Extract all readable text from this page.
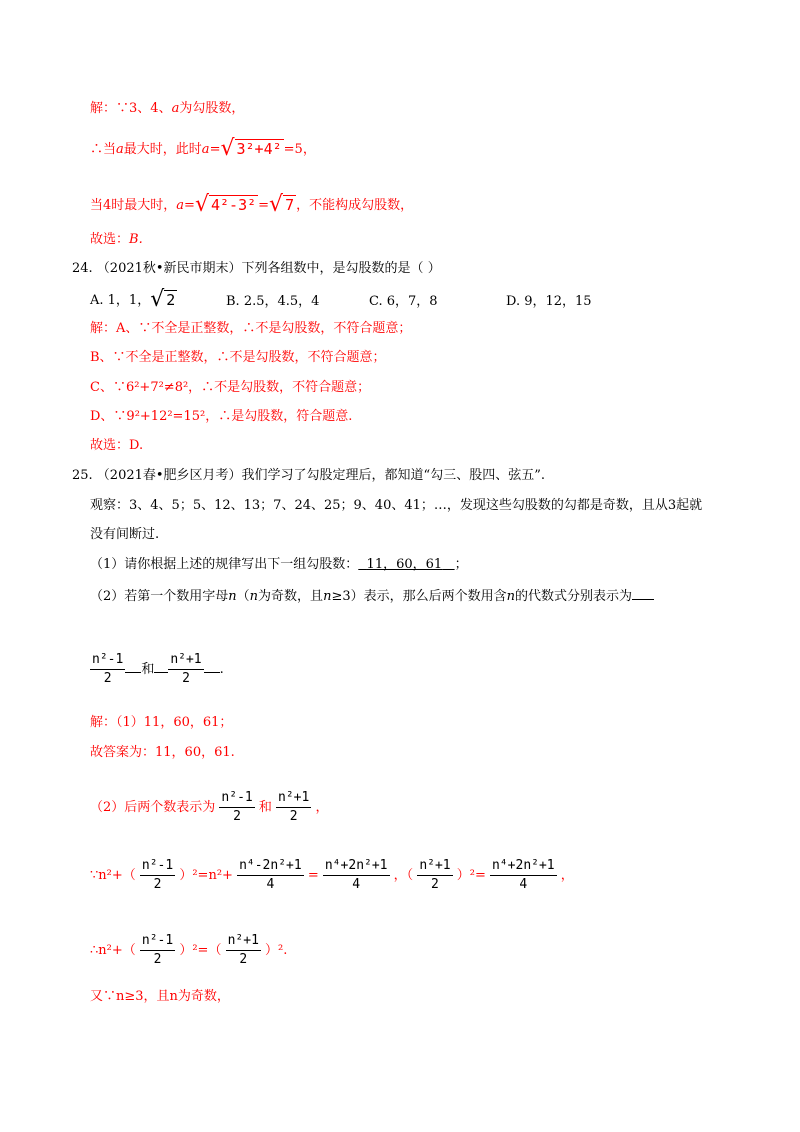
解：∵3、4、a为勾股数，
∴当a最大时，此时a=√ 3²+4² =5，
当4时最大时，a=√ 4²-3² =√ 7 ，不能构成勾股数，
故选：B.
24. （2021秋•新民市期末）下列各组数中，是勾股数的是（ ）
A. 1，1，√ 2	B. 2.5，4.5，4	C. 6，7，8	D. 9，12，15
解：A、∵不全是正整数，∴不是勾股数，不符合题意；
B、∵不全是正整数，∴不是勾股数，不符合题意；
C、∵6²+7²≠8²，∴不是勾股数，不符合题意；
D、∵9²+12²=15²，∴是勾股数，符合题意.
故选：D.
25. （2021春•肥乡区月考）我们学习了勾股定理后，都知道“勾三、股四、弦五”.
观察：3、4、5；5、12、13；7、24、25；9、40、41；…，发现这些勾股数的勾都是奇数，且从3起就
没有间断过.
（1）请你根据上述的规律写出下一组勾股数： 11，60，61 ；
（2）若第一个数用字母n（n为奇数，且n≥3）表示，那么后两个数用含n的代数式分别表示为
$\frac{\text{n²-1}}{2}$ 和 $\frac{\text{n²+1}}{2}$ .
解：（1）11，60，61；
故答案为：11，60，61.
（2）后两个数表示为 $\frac{\text{n²-1}}{2}$ 和 $\frac{\text{n²+1}}{2}$ ，
∵n²+（ $\frac{\text{n²-1}}{2} )^2=n^2+ \frac{\text{n⁴-2n²+1}}{4} = \frac{\text{n⁴+2n²+1}}{4}$ ，（ $\frac{\text{n²+1}}{2} )^2= \frac{\text{n⁴+2n²+1}}{4}$ ，
∴n²+（ $\frac{\text{n²-1}}{2} )^2=( \frac{\text{n²+1}}{2} )^2$.
又∵n≥3，且n为奇数，
